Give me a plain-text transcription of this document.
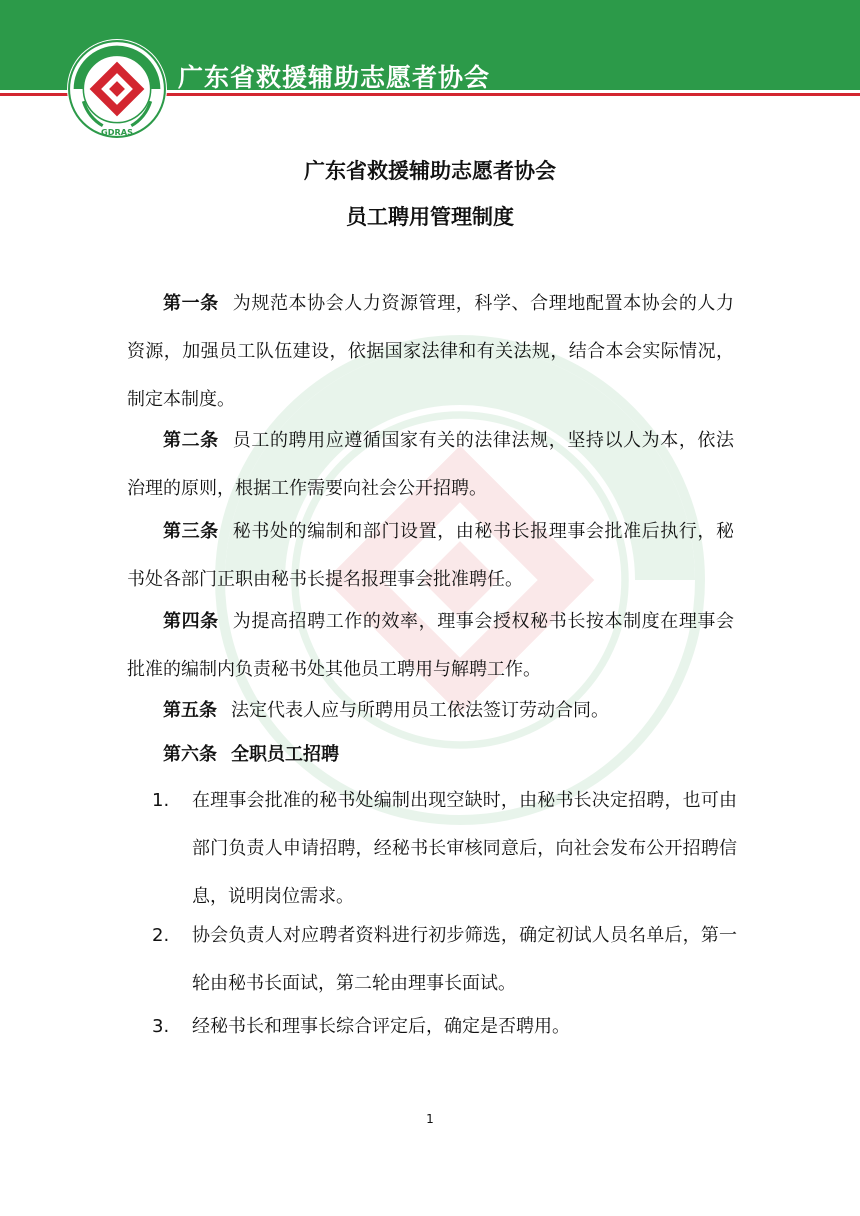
广东省救援辅助志愿者协会
GDRAS
广东省救援辅助志愿者协会
员工聘用管理制度
第一条 为规范本协会人力资源管理，科学、合理地配置本协会的人力资源，加强员工队伍建设，依据国家法律和有关法规，结合本会实际情况，制定本制度。
第二条 员工的聘用应遵循国家有关的法律法规，坚持以人为本，依法治理的原则，根据工作需要向社会公开招聘。
第三条 秘书处的编制和部门设置，由秘书长报理事会批准后执行，秘书处各部门正职由秘书长提名报理事会批准聘任。
第四条 为提高招聘工作的效率，理事会授权秘书长按本制度在理事会批准的编制内负责秘书处其他员工聘用与解聘工作。
第五条 法定代表人应与所聘用员工依法签订劳动合同。
第六条 全职员工招聘
1.	在理事会批准的秘书处编制出现空缺时，由秘书长决定招聘，也可由部门负责人申请招聘，经秘书长审核同意后，向社会发布公开招聘信息，说明岗位需求。
2.	协会负责人对应聘者资料进行初步筛选，确定初试人员名单后，第一轮由秘书长面试，第二轮由理事长面试。
3.	经秘书长和理事长综合评定后，确定是否聘用。
1
